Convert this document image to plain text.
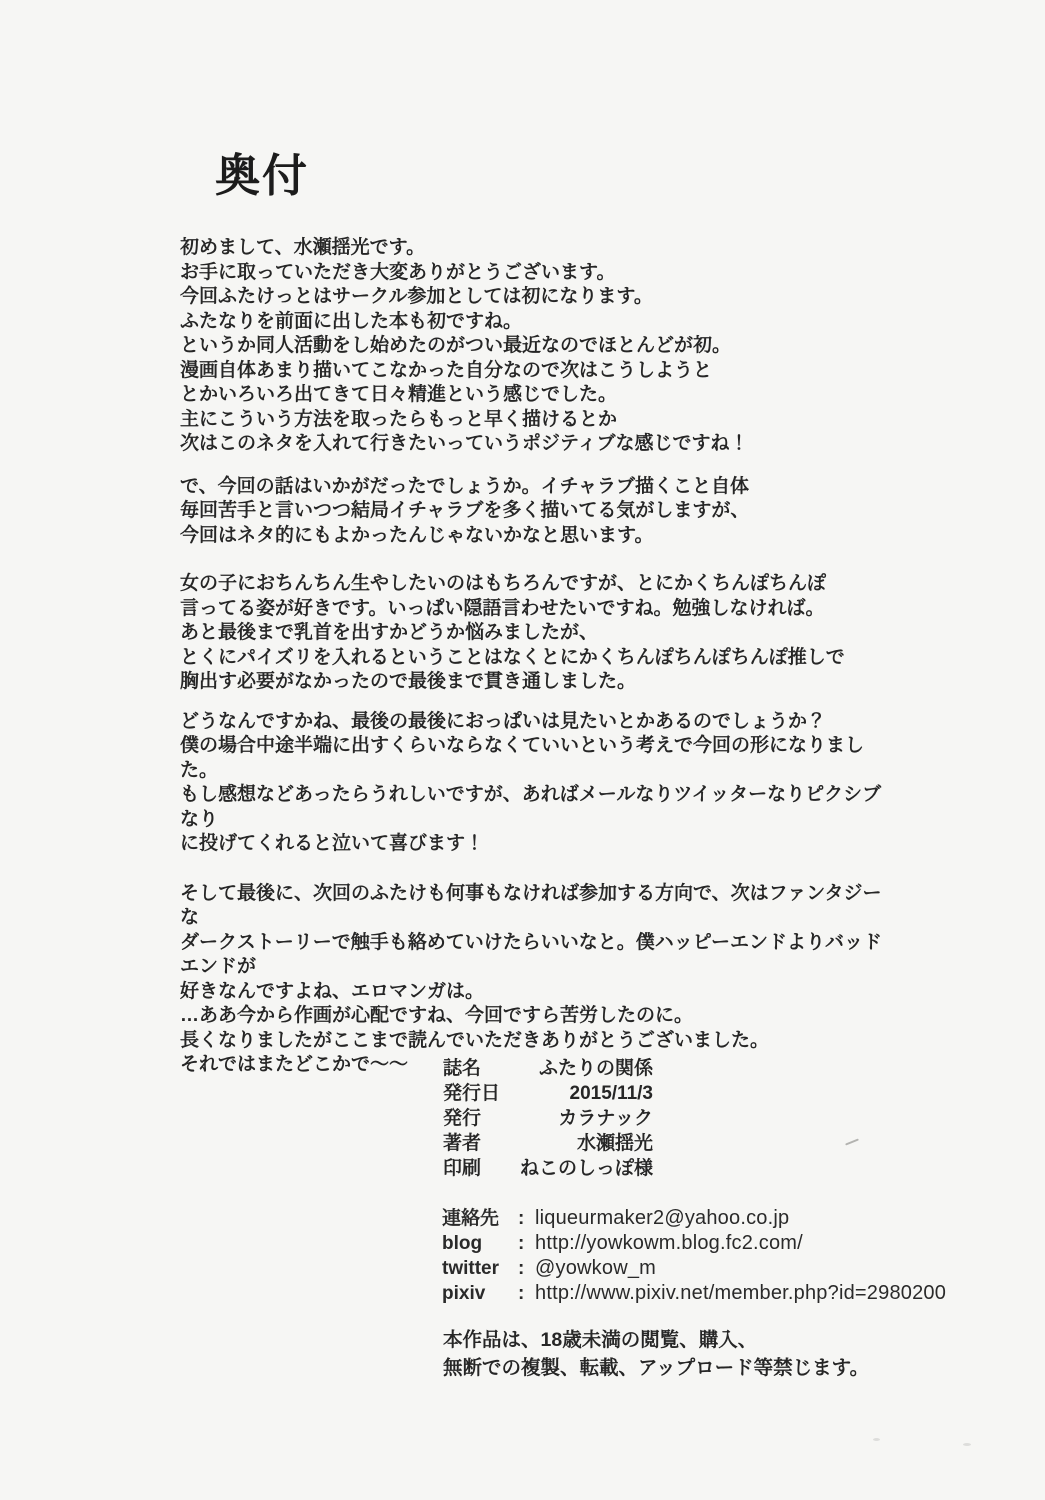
奥付
初めまして、水瀬揺光です。
お手に取っていただき大変ありがとうございます。
今回ふたけっとはサークル参加としては初になります。
ふたなりを前面に出した本も初ですね。
というか同人活動をし始めたのがつい最近なのでほとんどが初。
漫画自体あまり描いてこなかった自分なので次はこうしようと
とかいろいろ出てきて日々精進という感じでした。
主にこういう方法を取ったらもっと早く描けるとか
次はこのネタを入れて行きたいっていうポジティブな感じですね！
で、今回の話はいかがだったでしょうか。イチャラブ描くこと自体
毎回苦手と言いつつ結局イチャラブを多く描いてる気がしますが、
今回はネタ的にもよかったんじゃないかなと思います。
女の子におちんちん生やしたいのはもちろんですが、とにかくちんぽちんぽ
言ってる姿が好きです。いっぱい隠語言わせたいですね。勉強しなければ。
あと最後まで乳首を出すかどうか悩みましたが、
とくにパイズリを入れるということはなくとにかくちんぽちんぽちんぽ推しで
胸出す必要がなかったので最後まで貫き通しました。
どうなんですかね、最後の最後におっぱいは見たいとかあるのでしょうか？
僕の場合中途半端に出すくらいならなくていいという考えで今回の形になりました。
もし感想などあったらうれしいですが、あればメールなりツイッターなりピクシブなり
に投げてくれると泣いて喜びます！
そして最後に、次回のふたけも何事もなければ参加する方向で、次はファンタジーな
ダークストーリーで触手も絡めていけたらいいなと。僕ハッピーエンドよりバッドエンドが
好きなんですよね、エロマンガは。
…ああ今から作画が心配ですね、今回ですら苦労したのに。
長くなりましたがここまで読んでいただきありがとうございました。
それではまたどこかで～～	誌名	ふたりの関係
発行日	2015/11/3
発行	カラナック
著者	水瀬揺光
印刷	ねこのしっぽ様
連絡先 : liqueurmaker2@yahoo.co.jp
blog	: http://yowkowm.blog.fc2.com/
twitter	: @yowkow_m
pixiv	: http://www.pixiv.net/member.php?id=2980200
本作品は、18歳未満の閲覧、購入、
無断での複製、転載、アップロード等禁じます。
